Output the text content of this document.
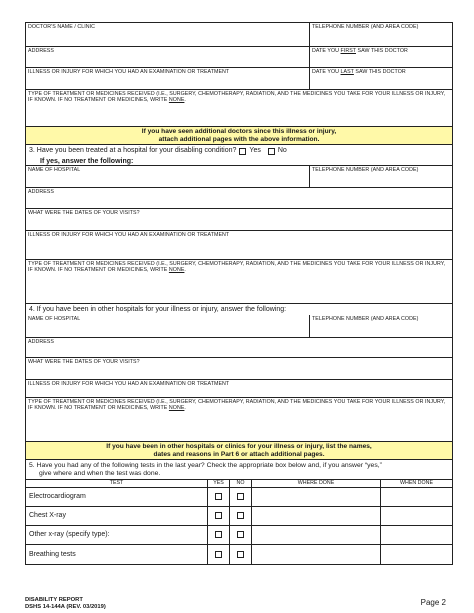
DOCTOR'S NAME / CLINIC	TELEPHONE NUMBER (AND AREA CODE)
ADDRESS	DATE YOU FIRST SAW THIS DOCTOR
ILLNESS OR INJURY FOR WHICH YOU HAD AN EXAMINATION OR TREATMENT	DATE YOU LAST SAW THIS DOCTOR
TYPE OF TREATMENT OR MEDICINES RECEIVED (I.E., SURGERY, CHEMOTHERAPY, RADIATION, AND THE MEDICINES YOU TAKE FOR YOUR ILLNESS OR INJURY, IF KNOWN. IF NO TREATMENT OR MEDICINES, WRITE NONE.
If you have seen additional doctors since this illness or injury,
attach additional pages with the above information.
3. Have you been treated at a hospital for your disabling condition? Yes No
If yes, answer the following:
NAME OF HOSPITAL	TELEPHONE NUMBER (AND AREA CODE)
ADDRESS
WHAT WERE THE DATES OF YOUR VISITS?
ILLNESS OR INJURY FOR WHICH YOU HAD AN EXAMINATION OR TREATMENT
TYPE OF TREATMENT OR MEDICINES RECEIVED (I.E., SURGERY, CHEMOTHERAPY, RADIATION, AND THE MEDICINES YOU TAKE FOR YOUR ILLNESS OR INJURY, IF KNOWN. IF NO TREATMENT OR MEDICINES, WRITE NONE.
4. If you have been in other hospitals for your illness or injury, answer the following:
NAME OF HOSPITAL	TELEPHONE NUMBER (AND AREA CODE)
ADDRESS
WHAT WERE THE DATES OF YOUR VISITS?
ILLNESS OR INJURY FOR WHICH YOU HAD AN EXAMINATION OR TREATMENT
TYPE OF TREATMENT OR MEDICINES RECEIVED (I.E., SURGERY, CHEMOTHERAPY, RADIATION, AND THE MEDICINES YOU TAKE FOR YOUR ILLNESS OR INJURY, IF KNOWN. IF NO TREATMENT OR MEDICINES, WRITE NONE.
If you have been in other hospitals or clinics for your illness or injury, list the names,
dates and reasons in Part 6 or attach additional pages.
5. Have you had any of the following tests in the last year? Check the appropriate box below and, if you answer “yes,”
give where and when the test was done.
TEST	YES	NO	WHERE DONE	WHEN DONE
Electrocardiogram
Chest X-ray
Other x-ray (specify type):
Breathing tests
DISABILITY REPORT
DSHS 14-144A (REV. 03/2019)	Page 2
